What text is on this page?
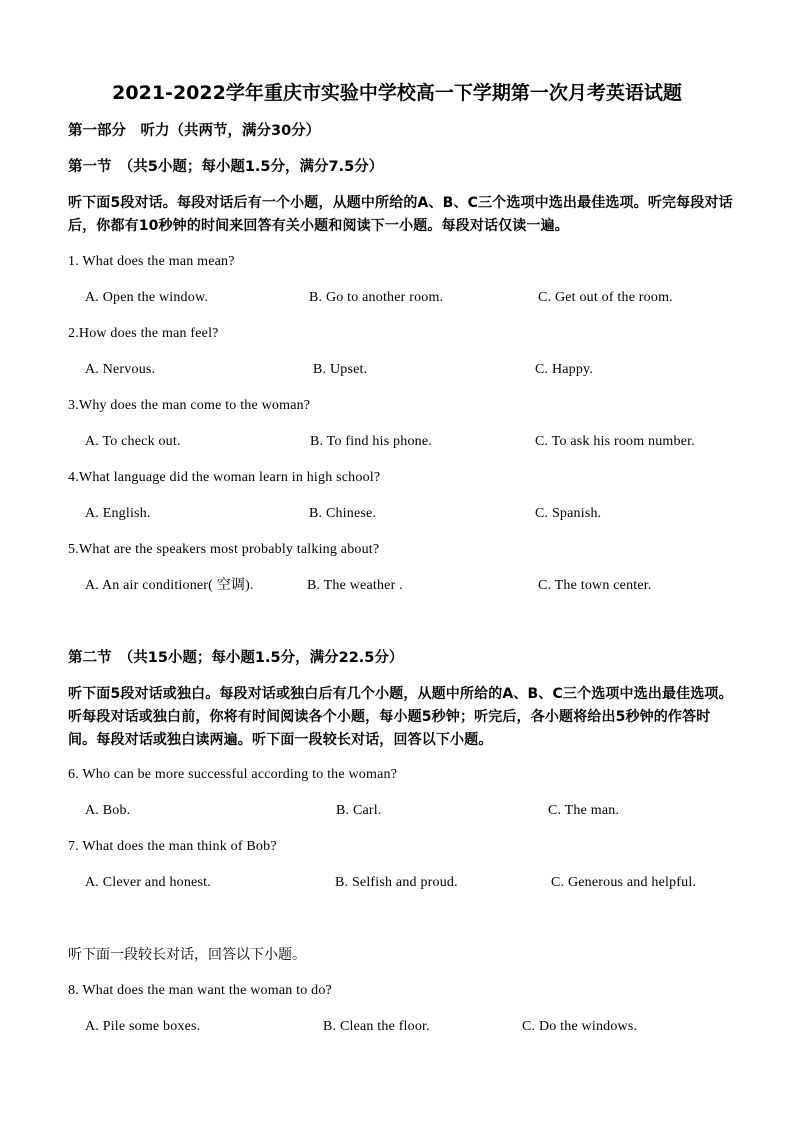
2021-2022学年重庆市实验中学校高一下学期第一次月考英语试题
第一部分　听力（共两节，满分30分）
第一节　（共5小题；每小题1.5分，满分7.5分）
听下面5段对话。每段对话后有一个小题，从题中所给的A、B、C三个选项中选出最佳选项。听完每段对话后，你都有10秒钟的时间来回答有关小题和阅读下一小题。每段对话仅读一遍。
1. What does the man mean?
A. Open the window.	B. Go to another room.	C. Get out of the room.
2.How does the man feel?
A. Nervous.	B. Upset.	C. Happy.
3.Why does the man come to the woman?
A. To check out.	B. To find his phone.	C. To ask his room number.
4.What language did the woman learn in high school?
A. English.	B. Chinese.	C. Spanish.
5.What are the speakers most probably talking about?
A. An air conditioner( 空调).	B. The weather .	C. The town center.
第二节　（共15小题；每小题1.5分，满分22.5分）
听下面5段对话或独白。每段对话或独白后有几个小题，从题中所给的A、B、C三个选项中选出最佳选项。听每段对话或独白前，你将有时间阅读各个小题，每小题5秒钟；听完后，各小题将给出5秒钟的作答时间。每段对话或独白读两遍。听下面一段较长对话，回答以下小题。
6. Who can be more successful according to the woman?
A. Bob.	B. Carl.	C. The man.
7. What does the man think of Bob?
A. Clever and honest.	B. Selfish and proud.	C. Generous and helpful.
听下面一段较长对话，回答以下小题。
8. What does the man want the woman to do?
A. Pile some boxes.	B. Clean the floor.	C. Do the windows.
